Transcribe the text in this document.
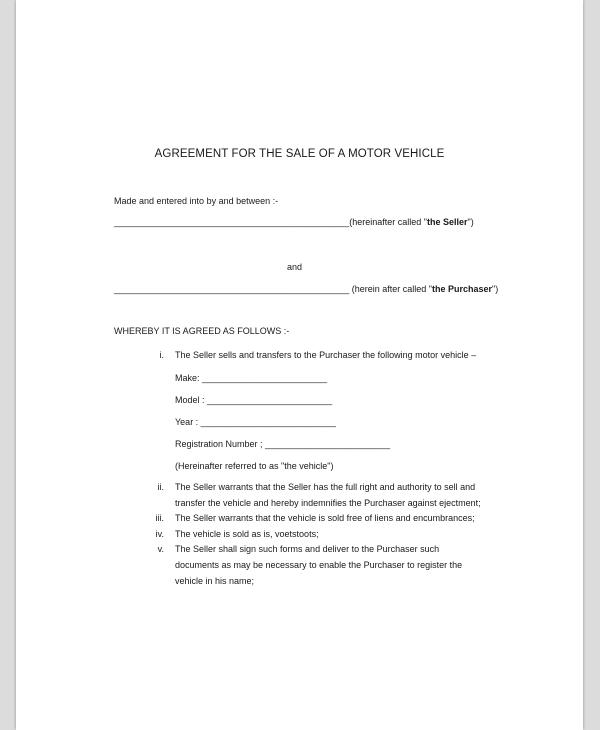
AGREEMENT FOR THE SALE OF A MOTOR VEHICLE
Made and entered into by and between :-
_______________________________________________(hereinafter called "the Seller")
and
_______________________________________________ (herein after called "the Purchaser")
WHEREBY IT IS AGREED AS FOLLOWS :-
i. The Seller sells and transfers to the Purchaser the following motor vehicle –
Make: _________________________
Model : _________________________
Year : ___________________________
Registration Number ; _________________________
(Hereinafter referred to as "the vehicle")
ii. The Seller warrants that the Seller has the full right and authority to sell and
transfer the vehicle and hereby indemnifies the Purchaser against ejectment;
iii. The Seller warrants that the vehicle is sold free of liens and encumbrances;
iv. The vehicle is sold as is, voetstoots;
v. The Seller shall sign such forms and deliver to the Purchaser such
documents as may be necessary to enable the Purchaser to register the
vehicle in his name;
